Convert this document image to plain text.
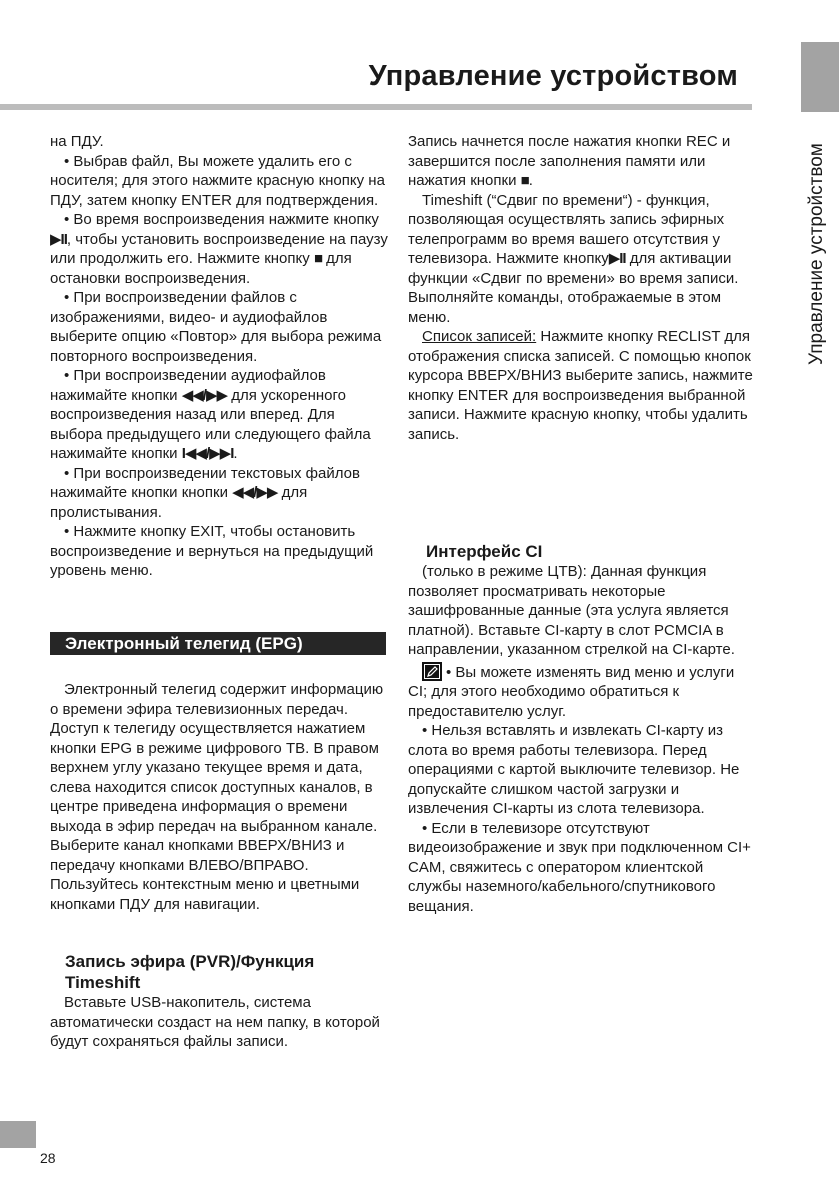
Управление устройством
Управление устройством

на ПДУ.

• Выбрав файл, Вы можете удалить его с носителя; для этого нажмите красную кнопку на ПДУ, затем кнопку ENTER для подтверждения.

• Во время воспроизведения нажмите кнопку ▶II, чтобы установить воспроизведение на паузу или продолжить его. Нажмите кнопку ■ для остановки воспроизведения.

• При воспроизведении файлов с изображениями, видео- и аудиофайлов выберите опцию «Повтор» для выбора режима повторного воспроизведения.

• При воспроизведении аудиофайлов нажимайте кнопки ◀◀/▶▶ для ускоренного воспроизведения назад или вперед. Для выбора предыдущего или следующего файла нажимайте кнопки I◀◀/▶▶I.

• При воспроизведении текстовых файлов нажимайте кнопки кнопки ◀◀/▶▶ для пролистывания.

• Нажмите кнопку EXIT, чтобы остановить воспроизведение и вернуться на предыдущий уровень меню.

Электронный телегид (EPG)

Электронный телегид содержит информацию о времени эфира телевизионных передач. Доступ к телегиду осуществляется нажатием кнопки EPG в режиме цифрового ТВ. В правом верхнем углу указано текущее время и дата, слева находится список доступных каналов, в центре приведена информация о времени выхода в эфир передач на выбранном канале. Выберите канал кнопками ВВЕРХ/ВНИЗ и передачу кнопками ВЛЕВО/ВПРАВО. Пользуйтесь контекстным меню и цветными кнопками ПДУ для навигации.

Запись эфира (PVR)/Функция Timeshift

Вставьте USB-накопитель, система автоматически создаст на нем папку, в которой будут сохраняться файлы записи.

Запись начнется после нажатия кнопки REC и завершится после заполнения памяти или нажатия кнопки ■.

Timeshift (“Сдвиг по времени“) - функция, позволяющая осуществлять запись эфирных телепрограмм во время вашего отсутствия у телевизора. Нажмите кнопку▶II для активации функции «Сдвиг по времени» во время записи. Выполняйте команды, отображаемые в этом меню.

Список записей: Нажмите кнопку RECLIST для отображения списка записей. С помощью кнопок курсора ВВЕРХ/ВНИЗ выберите запись, нажмите кнопку ENTER для воспроизведения выбранной записи. Нажмите красную кнопку, чтобы удалить запись.

Интерфейс CI

(только в режиме ЦТВ): Данная функция позволяет просматривать некоторые зашифрованные данные (эта услуга является платной). Вставьте CI-карту в слот PCMCIA в направлении, указанном стрелкой на CI-карте.

• Вы можете изменять вид меню и услуги CI; для этого необходимо обратиться к предоставителю услуг.

• Нельзя вставлять и извлекать CI-карту из слота во время работы телевизора. Перед операциями с картой выключите телевизор. Не допускайте слишком частой загрузки и извлечения CI-карты из слота телевизора.

• Если в телевизоре отсутствуют видеоизображение и звук при подключенном CI+ CAM, свяжитесь с оператором клиентской службы наземного/кабельного/спутникового вещания.

28
